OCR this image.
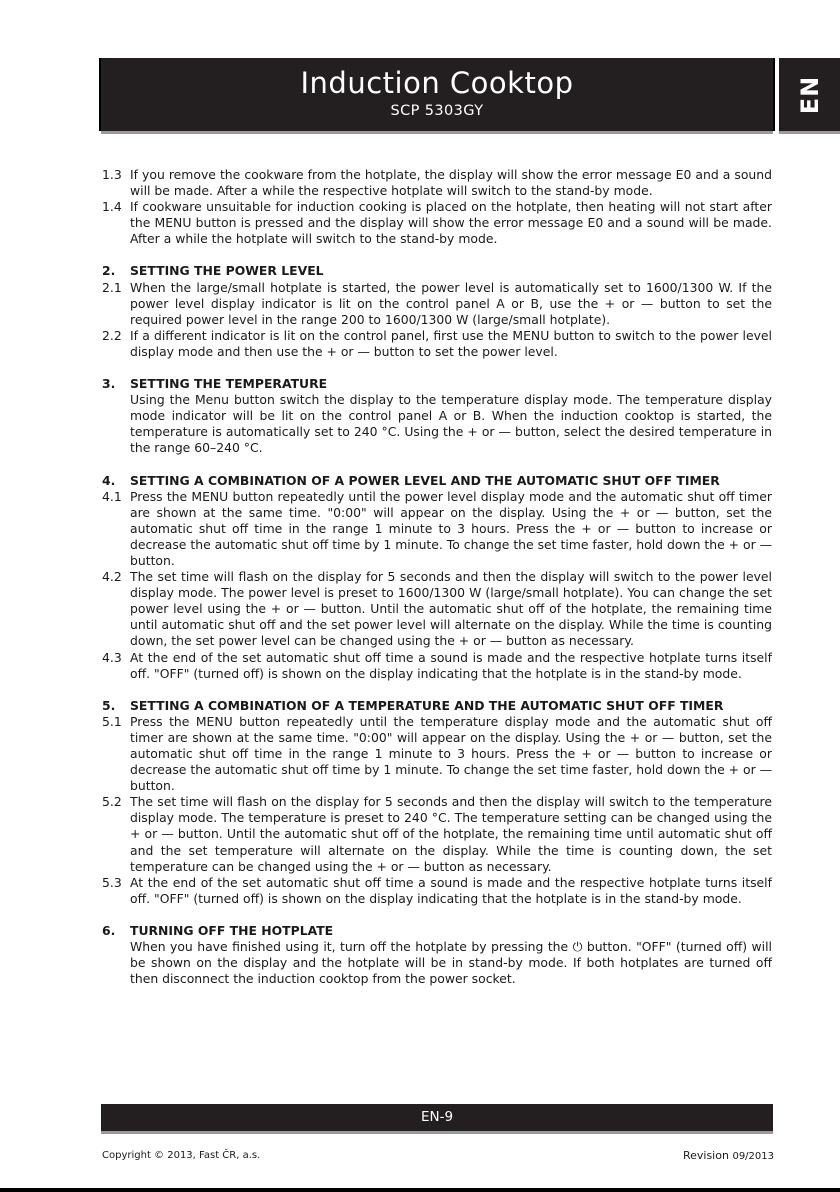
Induction Cooktop
SCP 5303GY	EN
1.3 If you remove the cookware from the hotplate, the display will show the error message E0 and a sound will be made. After a while the respective hotplate will switch to the stand-by mode.
1.4 If cookware unsuitable for induction cooking is placed on the hotplate, then heating will not start after the MENU button is pressed and the display will show the error message E0 and a sound will be made. After a while the hotplate will switch to the stand-by mode.
2.	SETTING THE POWER LEVEL
2.1 When the large/small hotplate is started, the power level is automatically set to 1600/1300 W. If the power level display indicator is lit on the control panel A or B, use the + or — button to set the required power level in the range 200 to 1600/1300 W (large/small hotplate).
2.2 If a different indicator is lit on the control panel, first use the MENU button to switch to the power level display mode and then use the + or — button to set the power level.
3.	SETTING THE TEMPERATURE
Using the Menu button switch the display to the temperature display mode. The temperature display mode indicator will be lit on the control panel A or B. When the induction cooktop is started, the temperature is automatically set to 240 °C. Using the + or — button, select the desired temperature in the range 60–240 °C.
4.	SETTING A COMBINATION OF A POWER LEVEL AND THE AUTOMATIC SHUT OFF TIMER
4.1 Press the MENU button repeatedly until the power level display mode and the automatic shut off timer are shown at the same time. "0:00" will appear on the display. Using the + or — button, set the automatic shut off time in the range 1 minute to 3 hours. Press the + or — button to increase or decrease the automatic shut off time by 1 minute. To change the set time faster, hold down the + or — button.
4.2 The set time will flash on the display for 5 seconds and then the display will switch to the power level display mode. The power level is preset to 1600/1300 W (large/small hotplate). You can change the set power level using the + or — button. Until the automatic shut off of the hotplate, the remaining time until automatic shut off and the set power level will alternate on the display. While the time is counting down, the set power level can be changed using the + or — button as necessary.
4.3 At the end of the set automatic shut off time a sound is made and the respective hotplate turns itself off. "OFF" (turned off) is shown on the display indicating that the hotplate is in the stand-by mode.
5.	SETTING A COMBINATION OF A TEMPERATURE AND THE AUTOMATIC SHUT OFF TIMER
5.1 Press the MENU button repeatedly until the temperature display mode and the automatic shut off timer are shown at the same time. "0:00" will appear on the display. Using the + or — button, set the automatic shut off time in the range 1 minute to 3 hours. Press the + or — button to increase or decrease the automatic shut off time by 1 minute. To change the set time faster, hold down the + or — button.
5.2 The set time will flash on the display for 5 seconds and then the display will switch to the temperature display mode. The temperature is preset to 240 °C. The temperature setting can be changed using the + or — button. Until the automatic shut off of the hotplate, the remaining time until automatic shut off and the set temperature will alternate on the display. While the time is counting down, the set temperature can be changed using the + or — button as necessary.
5.3 At the end of the set automatic shut off time a sound is made and the respective hotplate turns itself off. "OFF" (turned off) is shown on the display indicating that the hotplate is in the stand-by mode.
6.	TURNING OFF THE HOTPLATE
When you have finished using it, turn off the hotplate by pressing the ⏻ button. "OFF" (turned off) will be shown on the display and the hotplate will be in stand-by mode. If both hotplates are turned off then disconnect the induction cooktop from the power socket.
EN-9
Copyright © 2013, Fast ČR, a.s.	Revision 09/2013
